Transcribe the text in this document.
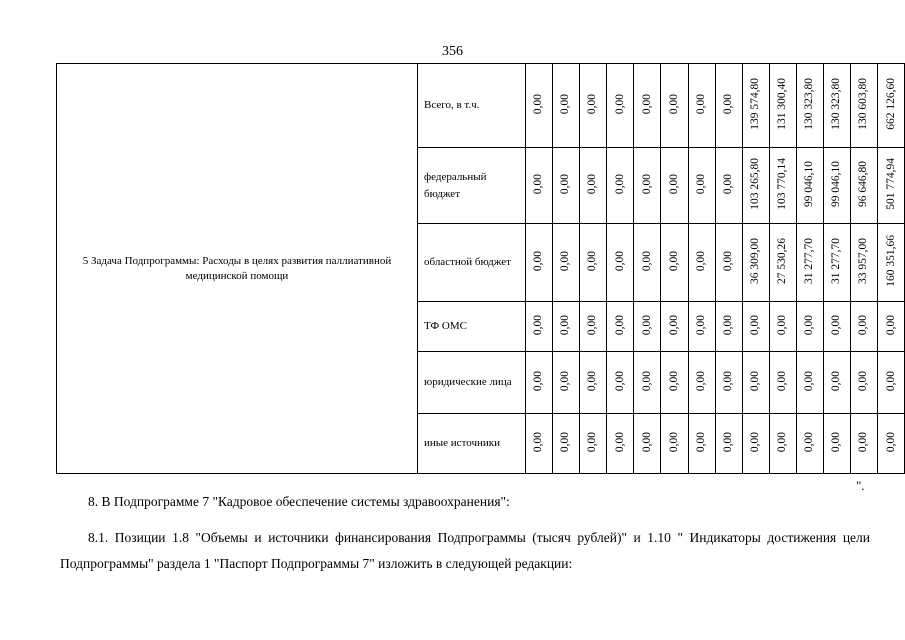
356
5 Задача Подпрограммы: Расходы в целях развития паллиативной медицинской помощи	Всего, в т.ч.	0,00	0,00	0,00	0,00	0,00	0,00	0,00	0,00	139 574,80	131 300,40	130 323,80	130 323,80	130 603,80	662 126,60
	федеральный бюджет	0,00	0,00	0,00	0,00	0,00	0,00	0,00	0,00	103 265,80	103 770,14	99 046,10	99 046,10	96 646,80	501 774,94
	областной бюджет	0,00	0,00	0,00	0,00	0,00	0,00	0,00	0,00	36 309,00	27 530,26	31 277,70	31 277,70	33 957,00	160 351,66
	ТФ ОМС	0,00	0,00	0,00	0,00	0,00	0,00	0,00	0,00	0,00	0,00	0,00	0,00	0,00	0,00
	юридические лица	0,00	0,00	0,00	0,00	0,00	0,00	0,00	0,00	0,00	0,00	0,00	0,00	0,00	0,00
	иные источники	0,00	0,00	0,00	0,00	0,00	0,00	0,00	0,00	0,00	0,00	0,00	0,00	0,00	0,00
".
8. В Подпрограмме 7 "Кадровое обеспечение системы здравоохранения":
8.1. Позиции 1.8 "Объемы и источники финансирования Подпрограммы (тысяч рублей)" и 1.10 " Индикаторы достижения цели Подпрограммы" раздела 1 "Паспорт Подпрограммы 7" изложить в следующей редакции:
